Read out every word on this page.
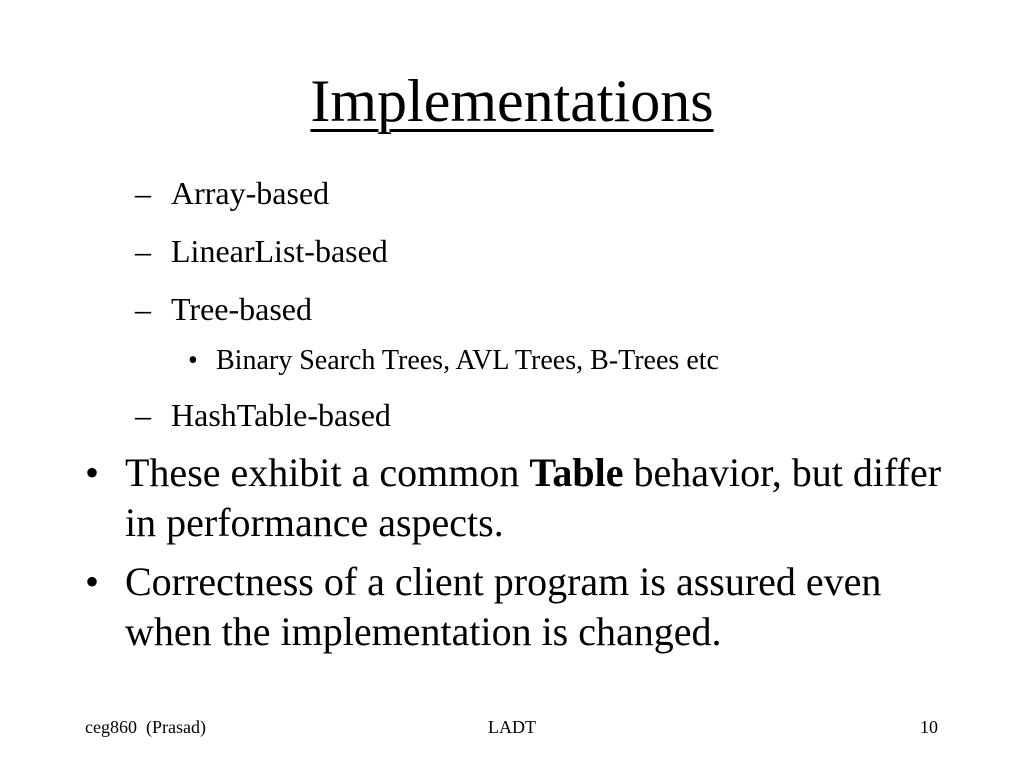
Implementations
– Array-based
– LinearList-based
– Tree-based
• Binary Search Trees, AVL Trees, B-Trees etc
– HashTable-based
• These exhibit a common Table behavior, but differ in performance aspects.
• Correctness of a client program is assured even when the implementation is changed.
ceg860  (Prasad)	LADT	10
